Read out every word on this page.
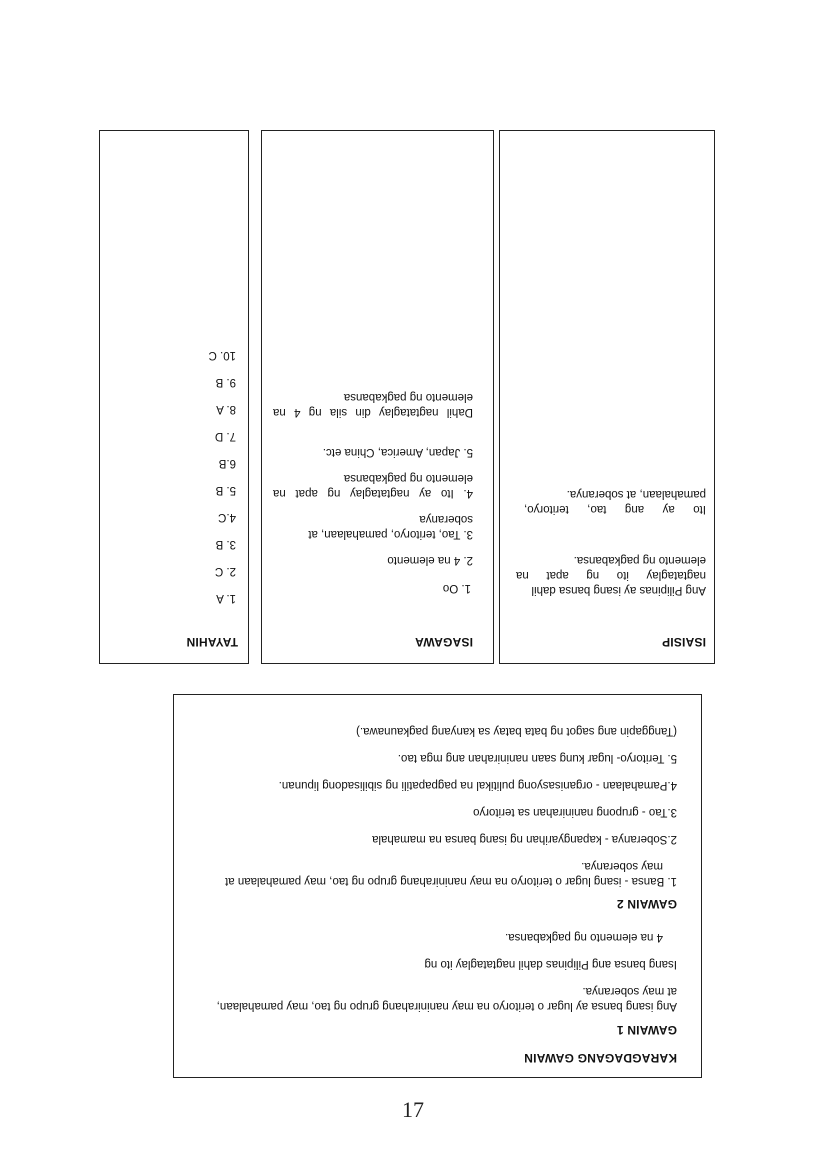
KARAGDAGANG GAWAIN
GAWAIN 1
Ang isang bansa ay lugar o teritoryo na may naninirahang grupo ng tao, may pamahalaan,
at may soberanya.
Isang bansa ang Pilipinas dahil nagtataglay ito ng
4 na elemento ng pagkabansa.
GAWAIN 2
1. Bansa - isang lugar o teritoryo na may naninirahang grupo ng tao, may pamahalaan at
may soberanya.
2.Soberanya - kapangyarihan ng isang bansa na mamahala
3.Tao - grupong naninirahan sa teritoryo
4.Pamahalaan - organisasyong pulitikal na pagpapatili ng sibilisadong lipunan.
5. Teritoryo- lugar kung saan naninirahan ang mga tao.
(Tanggapin ang sagot ng bata batay sa kanyang pagkaunawa.)
ISAISIP
Ang Pilipinas ay isang bansa dahil
nagtataglay ito ng apat na
elemento ng pagkabansa.
Ito ay ang tao, teritoryo,
pamahalaan, at soberanya.
ISAGAWA
1. Oo
2. 4 na elemento
3. Tao, teritoryo, pamahalaan, at
soberanya
4. Ito ay nagtataglay ng apat na
elemento ng pagkabansa
5. Japan, America, China etc.
Dahil nagtataglay din sila ng 4 na
elemento ng pagkabansa
TAYAHIN
1. A
2. C
3. B
4.C
5. B
6.B
7. D
8. A
9. B
10. C
17
